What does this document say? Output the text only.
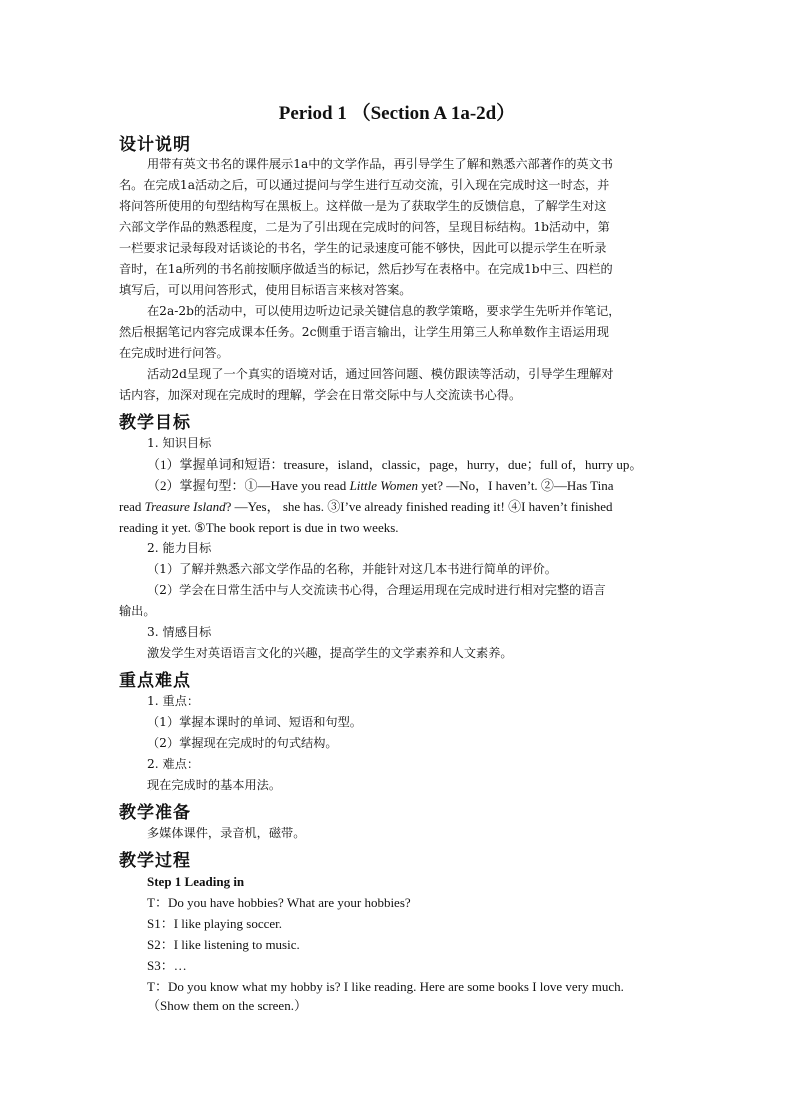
Period 1 （Section A 1a-2d）
设计说明
用带有英文书名的课件展示1a中的文学作品，再引导学生了解和熟悉六部著作的英文书
名。在完成1a活动之后，可以通过提问与学生进行互动交流，引入现在完成时这一时态，并
将问答所使用的句型结构写在黑板上。这样做一是为了获取学生的反馈信息，了解学生对这
六部文学作品的熟悉程度，二是为了引出现在完成时的问答，呈现目标结构。1b活动中，第
一栏要求记录每段对话谈论的书名，学生的记录速度可能不够快，因此可以提示学生在听录
音时，在1a所列的书名前按顺序做适当的标记，然后抄写在表格中。在完成1b中三、四栏的
填写后，可以用问答形式，使用目标语言来核对答案。
在2a-2b的活动中，可以使用边听边记录关键信息的教学策略，要求学生先听并作笔记，
然后根据笔记内容完成课本任务。2c侧重于语言输出，让学生用第三人称单数作主语运用现
在完成时进行问答。
活动2d呈现了一个真实的语境对话，通过回答问题、模仿跟读等活动，引导学生理解对
话内容，加深对现在完成时的理解，学会在日常交际中与人交流读书心得。
教学目标
1. 知识目标
（1）掌握单词和短语：treasure，island，classic，page，hurry，due；full of，hurry up。
（2）掌握句型：①—Have you read Little Women yet? —No，I haven’t. ②—Has Tina
read Treasure Island? —Yes， she has. ③I’ve already finished reading it! ④I haven’t finished
reading it yet. ⑤The book report is due in two weeks.
2. 能力目标
（1）了解并熟悉六部文学作品的名称，并能针对这几本书进行简单的评价。
（2）学会在日常生活中与人交流读书心得，合理运用现在完成时进行相对完整的语言
输出。
3. 情感目标
激发学生对英语语言文化的兴趣，提高学生的文学素养和人文素养。
重点难点
1. 重点：
（1）掌握本课时的单词、短语和句型。
（2）掌握现在完成时的句式结构。
2. 难点：
现在完成时的基本用法。
教学准备
多媒体课件，录音机，磁带。
教学过程
Step 1 Leading in
T：Do you have hobbies? What are your hobbies?
S1：I like playing soccer.
S2：I like listening to music.
S3：…
T：Do you know what my hobby is? I like reading. Here are some books I love very much.
（Show them on the screen.）
